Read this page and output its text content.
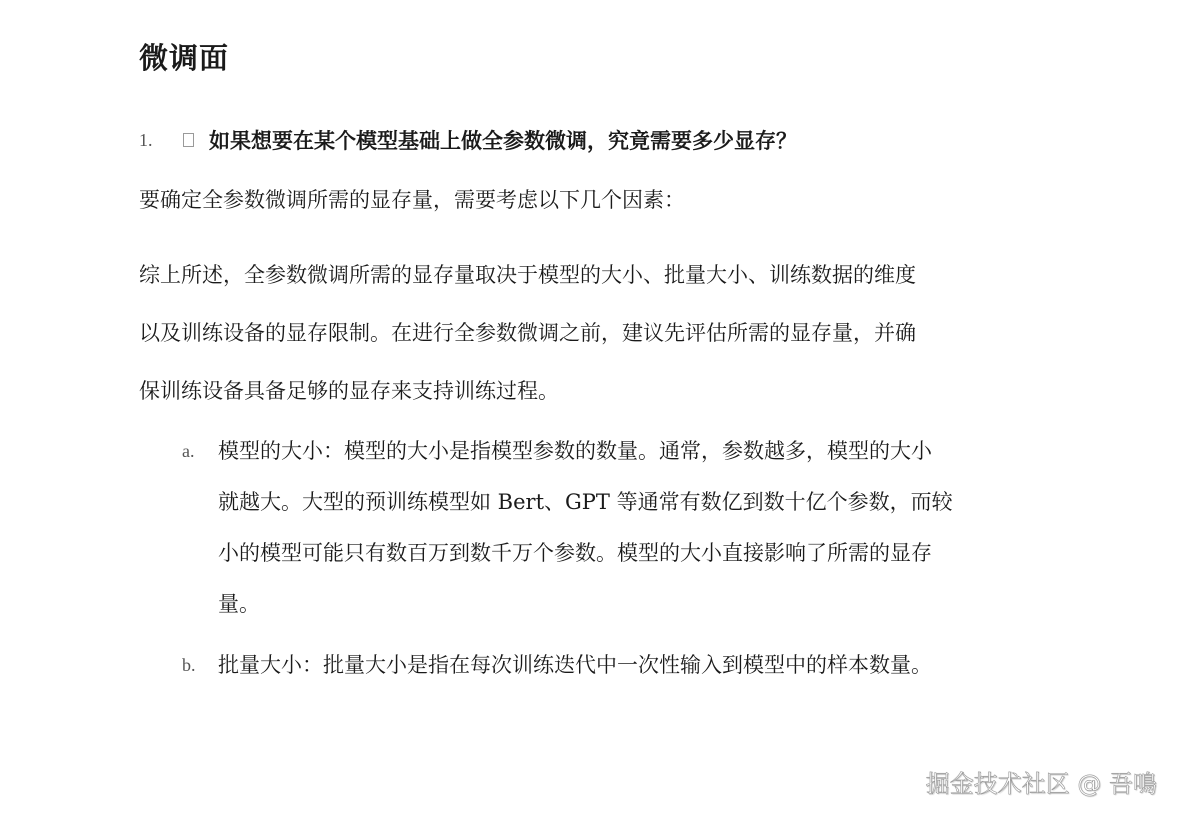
微调面
1.	如果想要在某个模型基础上做全参数微调，究竟需要多少显存？

要确定全参数微调所需的显存量，需要考虑以下几个因素：

综上所述，全参数微调所需的显存量取决于模型的大小、批量大小、训练数据的维度
以及训练设备的显存限制。在进行全参数微调之前，建议先评估所需的显存量，并确
保训练设备具备足够的显存来支持训练过程。

a.	模型的大小：模型的大小是指模型参数的数量。通常，参数越多，模型的大小
就越大。大型的预训练模型如 Bert、GPT 等通常有数亿到数十亿个参数，而较
小的模型可能只有数百万到数千万个参数。模型的大小直接影响了所需的显存
量。
b.	批量大小：批量大小是指在每次训练迭代中一次性输入到模型中的样本数量。
掘金技术社区 @ 吾鳴
